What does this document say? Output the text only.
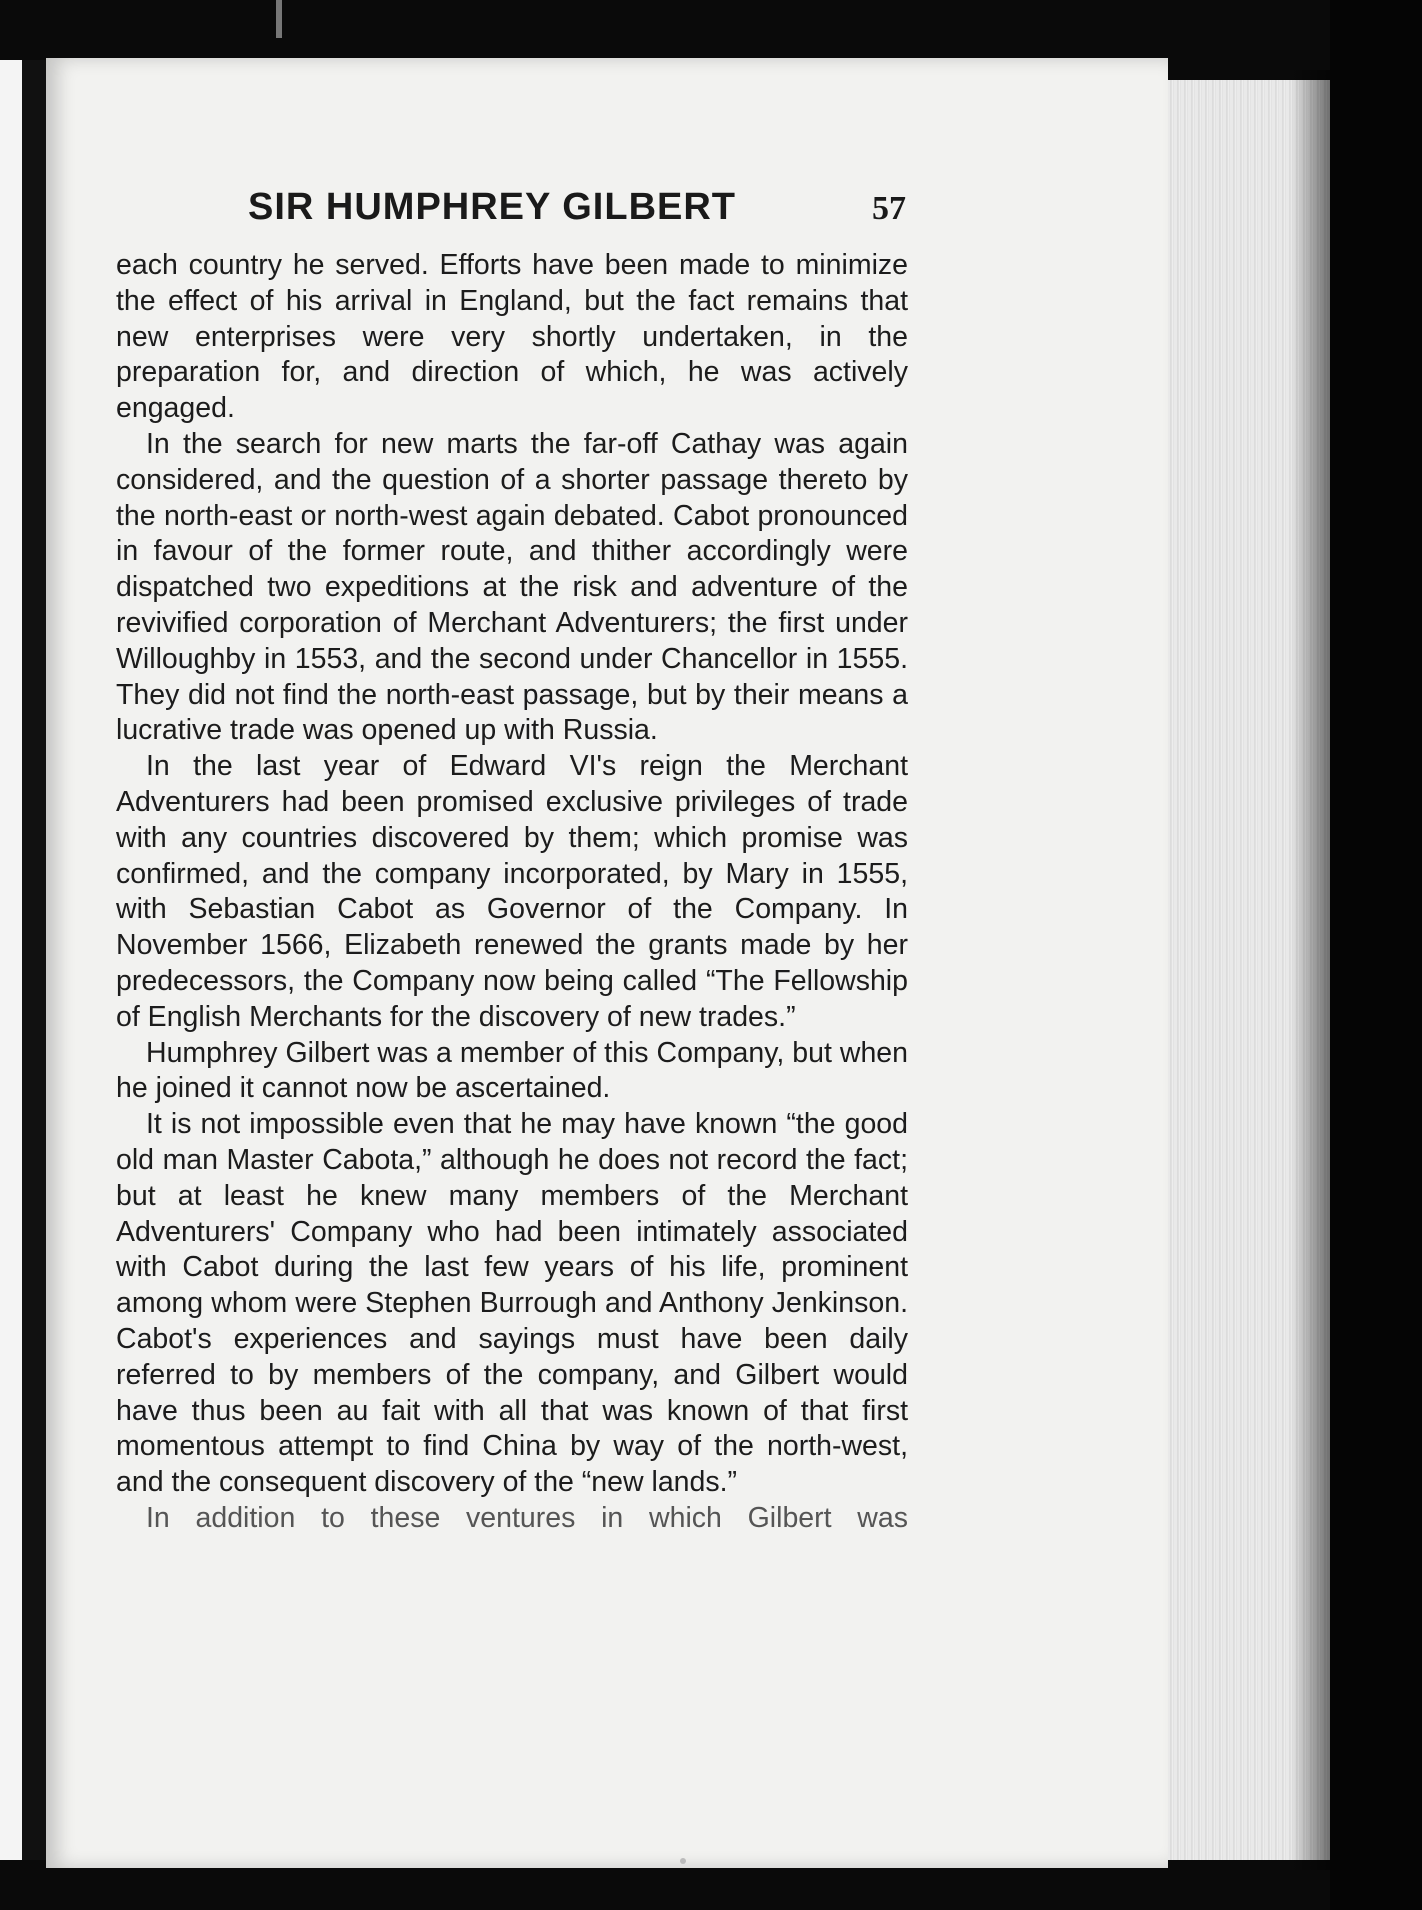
SIR HUMPHREY GILBERT	57

each country he served. Efforts have been made to minimize the effect of his arrival in England, but the fact remains that new enterprises were very shortly undertaken, in the preparation for, and direction of which, he was actively engaged.

In the search for new marts the far-off Cathay was again considered, and the question of a shorter passage thereto by the north-east or north-west again debated. Cabot pronounced in favour of the former route, and thither accordingly were dispatched two expeditions at the risk and adventure of the revivified corporation of Merchant Adventurers; the first under Willoughby in 1553, and the second under Chancellor in 1555. They did not find the north-east passage, but by their means a lucrative trade was opened up with Russia.

In the last year of Edward VI's reign the Merchant Adventurers had been promised exclusive privileges of trade with any countries discovered by them; which promise was confirmed, and the company incorporated, by Mary in 1555, with Sebastian Cabot as Governor of the Company. In November 1566, Elizabeth renewed the grants made by her predecessors, the Company now being called “The Fellowship of English Merchants for the discovery of new trades.”

Humphrey Gilbert was a member of this Company, but when he joined it cannot now be ascertained.

It is not impossible even that he may have known “the good old man Master Cabota,” although he does not record the fact; but at least he knew many members of the Merchant Adventurers' Company who had been intimately associated with Cabot during the last few years of his life, prominent among whom were Stephen Burrough and Anthony Jenkinson. Cabot's experiences and sayings must have been daily referred to by members of the company, and Gilbert would have thus been au fait with all that was known of that first momentous attempt to find China by way of the north-west, and the consequent discovery of the “new lands.”

In addition to these ventures in which Gilbert was
